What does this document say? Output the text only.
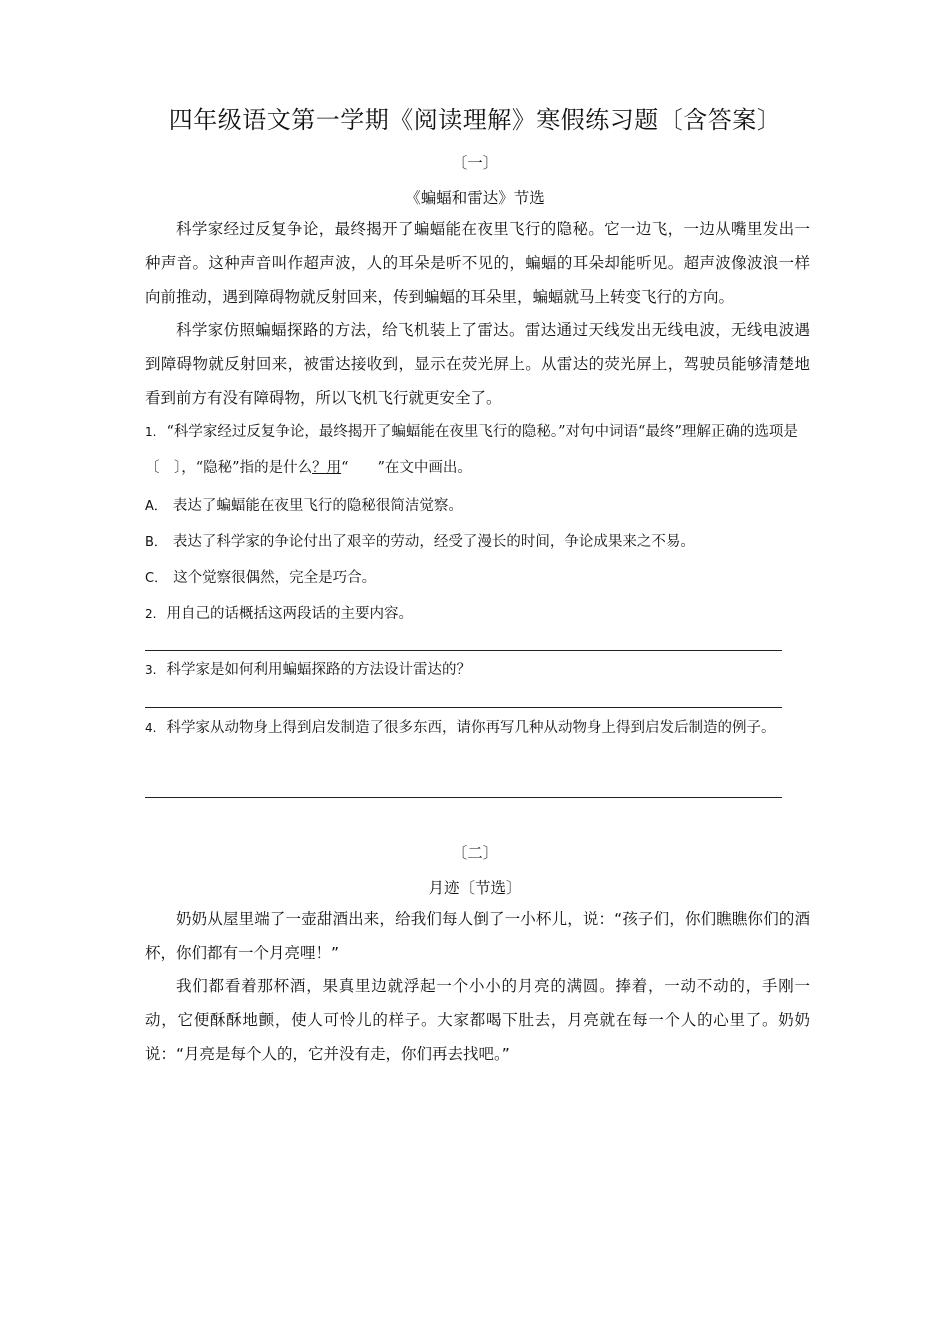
四年级语文第一学期《阅读理解》寒假练习题〔含答案〕
〔一〕
《蝙蝠和雷达》节选
科学家经过反复争论，最终揭开了蝙蝠能在夜里飞行的隐秘。它一边飞，一边从嘴里发出一种声音。这种声音叫作超声波，人的耳朵是听不见的，蝙蝠的耳朵却能听见。超声波像波浪一样向前推动，遇到障碍物就反射回来，传到蝙蝠的耳朵里，蝙蝠就马上转变飞行的方向。
科学家仿照蝙蝠探路的方法，给飞机装上了雷达。雷达通过天线发出无线电波，无线电波遇到障碍物就反射回来，被雷达接收到，显示在荧光屏上。从雷达的荧光屏上，驾驶员能够清楚地看到前方有没有障碍物，所以飞机飞行就更安全了。
1. “科学家经过反复争论，最终揭开了蝙蝠能在夜里飞行的隐秘。”对句中词语“最终”理解正确的选项是〔　〕，“隐秘”指的是什么？用“　　”在文中画出。
A． 表达了蝙蝠能在夜里飞行的隐秘很简洁觉察。
B． 表达了科学家的争论付出了艰辛的劳动，经受了漫长的时间，争论成果来之不易。
C． 这个觉察很偶然，完全是巧合。
2. 用自己的话概括这两段话的主要内容。
3. 科学家是如何利用蝙蝠探路的方法设计雷达的？
4. 科学家从动物身上得到启发制造了很多东西，请你再写几种从动物身上得到启发后制造的例子。
〔二〕
月迹〔节选〕
奶奶从屋里端了一壶甜酒出来，给我们每人倒了一小杯儿，说：“孩子们，你们瞧瞧你们的酒杯，你们都有一个月亮哩！”
我们都看着那杯酒，果真里边就浮起一个小小的月亮的满圆。捧着，一动不动的，手刚一动，它便酥酥地颤，使人可怜儿的样子。大家都喝下肚去，月亮就在每一个人的心里了。奶奶说：“月亮是每个人的，它并没有走，你们再去找吧。”
